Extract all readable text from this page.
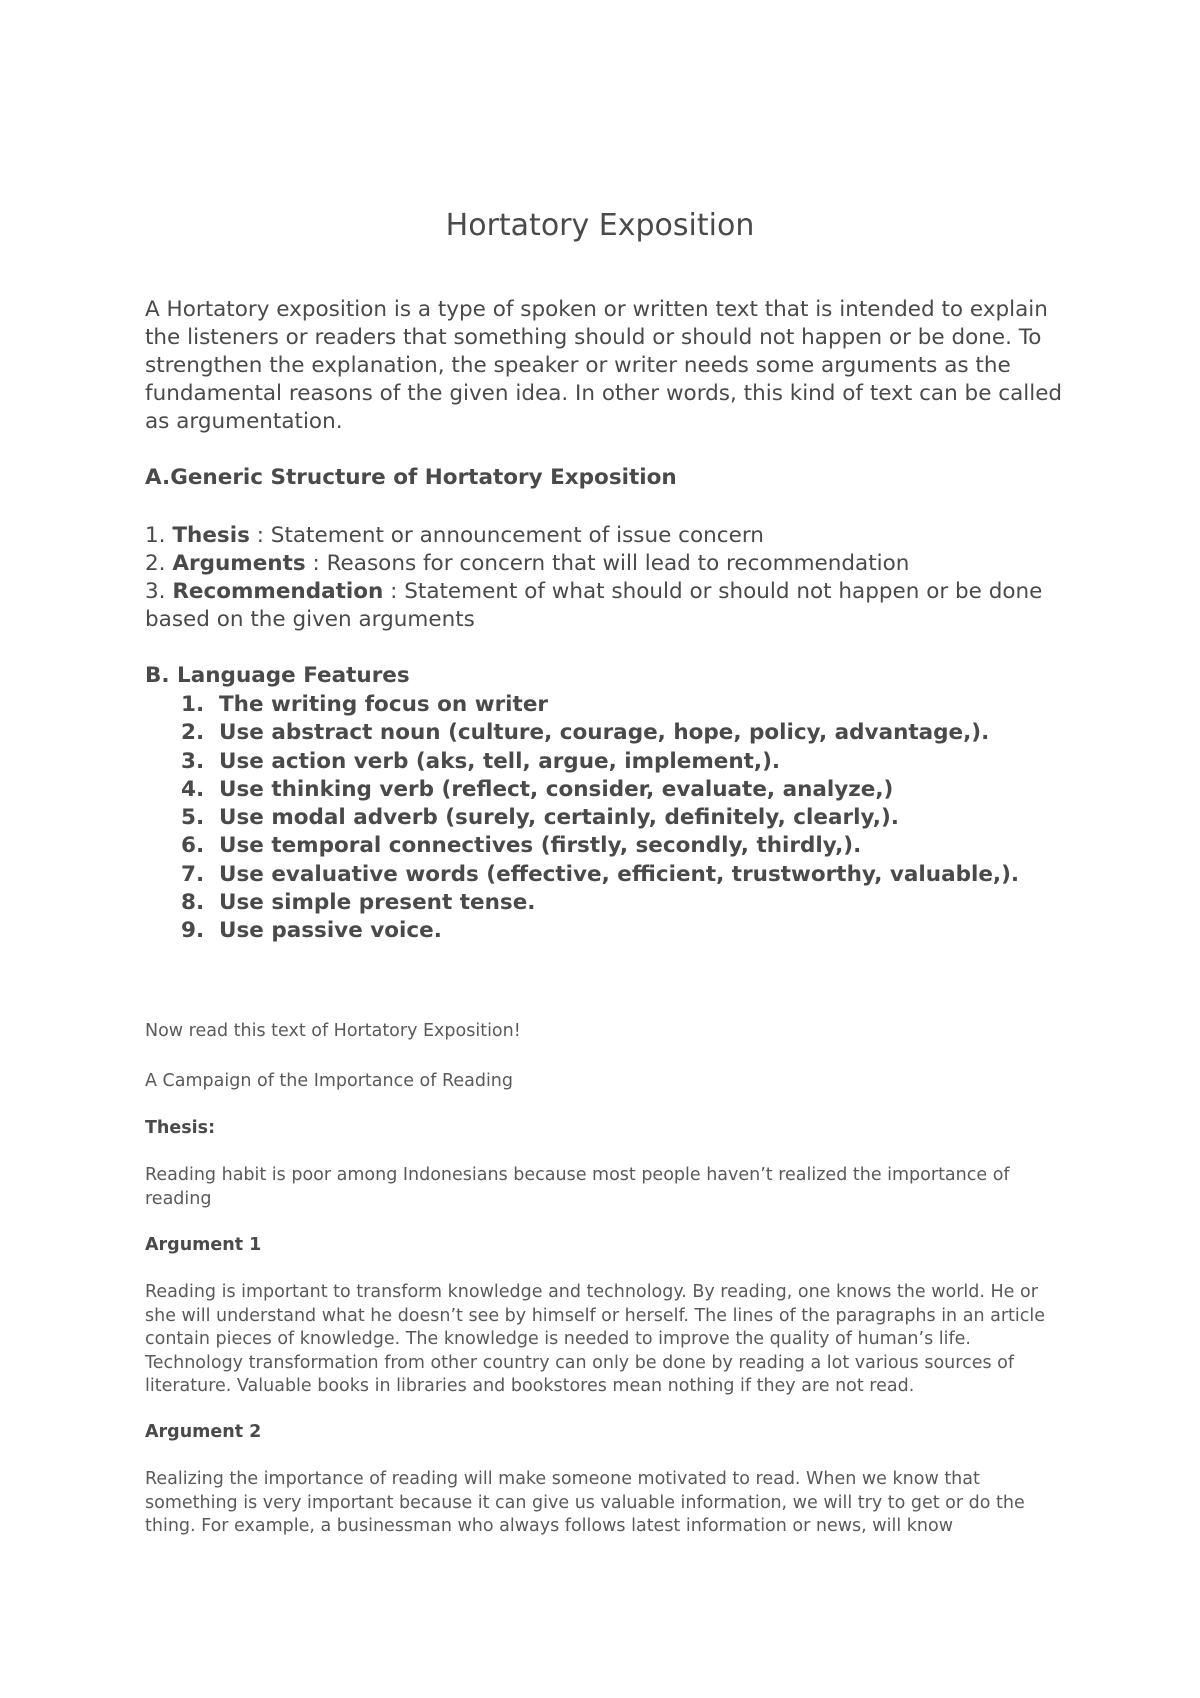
Hortatory Exposition

A Hortatory exposition is a type of spoken or written text that is intended to explain the listeners or readers that something should or should not happen or be done. To strengthen the explanation, the speaker or writer needs some arguments as the fundamental reasons of the given idea. In other words, this kind of text can be called as argumentation.

A.Generic Structure of Hortatory Exposition
1. Thesis : Statement or announcement of issue concern
2. Arguments : Reasons for concern that will lead to recommendation
3. Recommendation : Statement of what should or should not happen or be done based on the given arguments
B. Language Features
1. The writing focus on writer
2. Use abstract noun (culture, courage, hope, policy, advantage,).
3. Use action verb (aks, tell, argue, implement,).
4. Use thinking verb (reflect, consider, evaluate, analyze,)
5. Use modal adverb (surely, certainly, definitely, clearly,).
6. Use temporal connectives (firstly, secondly, thirdly,).
7. Use evaluative words (effective, efficient, trustworthy, valuable,).
8. Use simple present tense.
9. Use passive voice.

Now read this text of Hortatory Exposition!

A Campaign of the Importance of Reading

Thesis:

Reading habit is poor among Indonesians because most people haven’t realized the importance of reading

Argument 1

Reading is important to transform knowledge and technology. By reading, one knows the world. He or she will understand what he doesn’t see by himself or herself. The lines of the paragraphs in an article contain pieces of knowledge. The knowledge is needed to improve the quality of human’s life. Technology transformation from other country can only be done by reading a lot various sources of literature. Valuable books in libraries and bookstores mean nothing if they are not read.

Argument 2

Realizing the importance of reading will make someone motivated to read. When we know that something is very important because it can give us valuable information, we will try to get or do the thing. For example, a businessman who always follows latest information or news, will know
